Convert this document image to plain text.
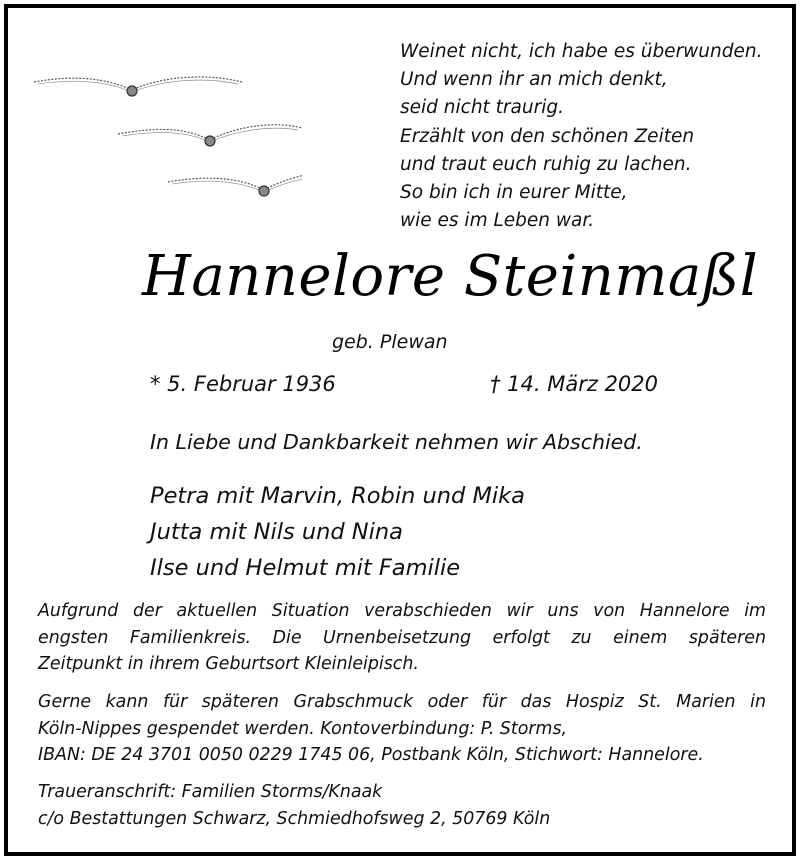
Weinet nicht, ich habe es überwunden.
Und wenn ihr an mich denkt,
seid nicht traurig.
Erzählt von den schönen Zeiten
und traut euch ruhig zu lachen.
So bin ich in eurer Mitte,
wie es im Leben war.
Hannelore Steinmaßl
geb. Plewan
* 5. Februar 1936	† 14. März 2020
In Liebe und Dankbarkeit nehmen wir Abschied.
Petra mit Marvin, Robin und Mika
Jutta mit Nils und Nina
Ilse und Helmut mit Familie
Aufgrund der aktuellen Situation verabschieden wir uns von Hannelore im
engsten Familienkreis. Die Urnenbeisetzung erfolgt zu einem späteren
Zeitpunkt in ihrem Geburtsort Kleinleipisch.
Gerne kann für späteren Grabschmuck oder für das Hospiz St. Marien in
Köln-Nippes gespendet werden. Kontoverbindung: P. Storms,
IBAN: DE 24 3701 0050 0229 1745 06, Postbank Köln, Stichwort: Hannelore.
Traueranschrift: Familien Storms/Knaak
c/o Bestattungen Schwarz, Schmiedhofsweg 2, 50769 Köln
